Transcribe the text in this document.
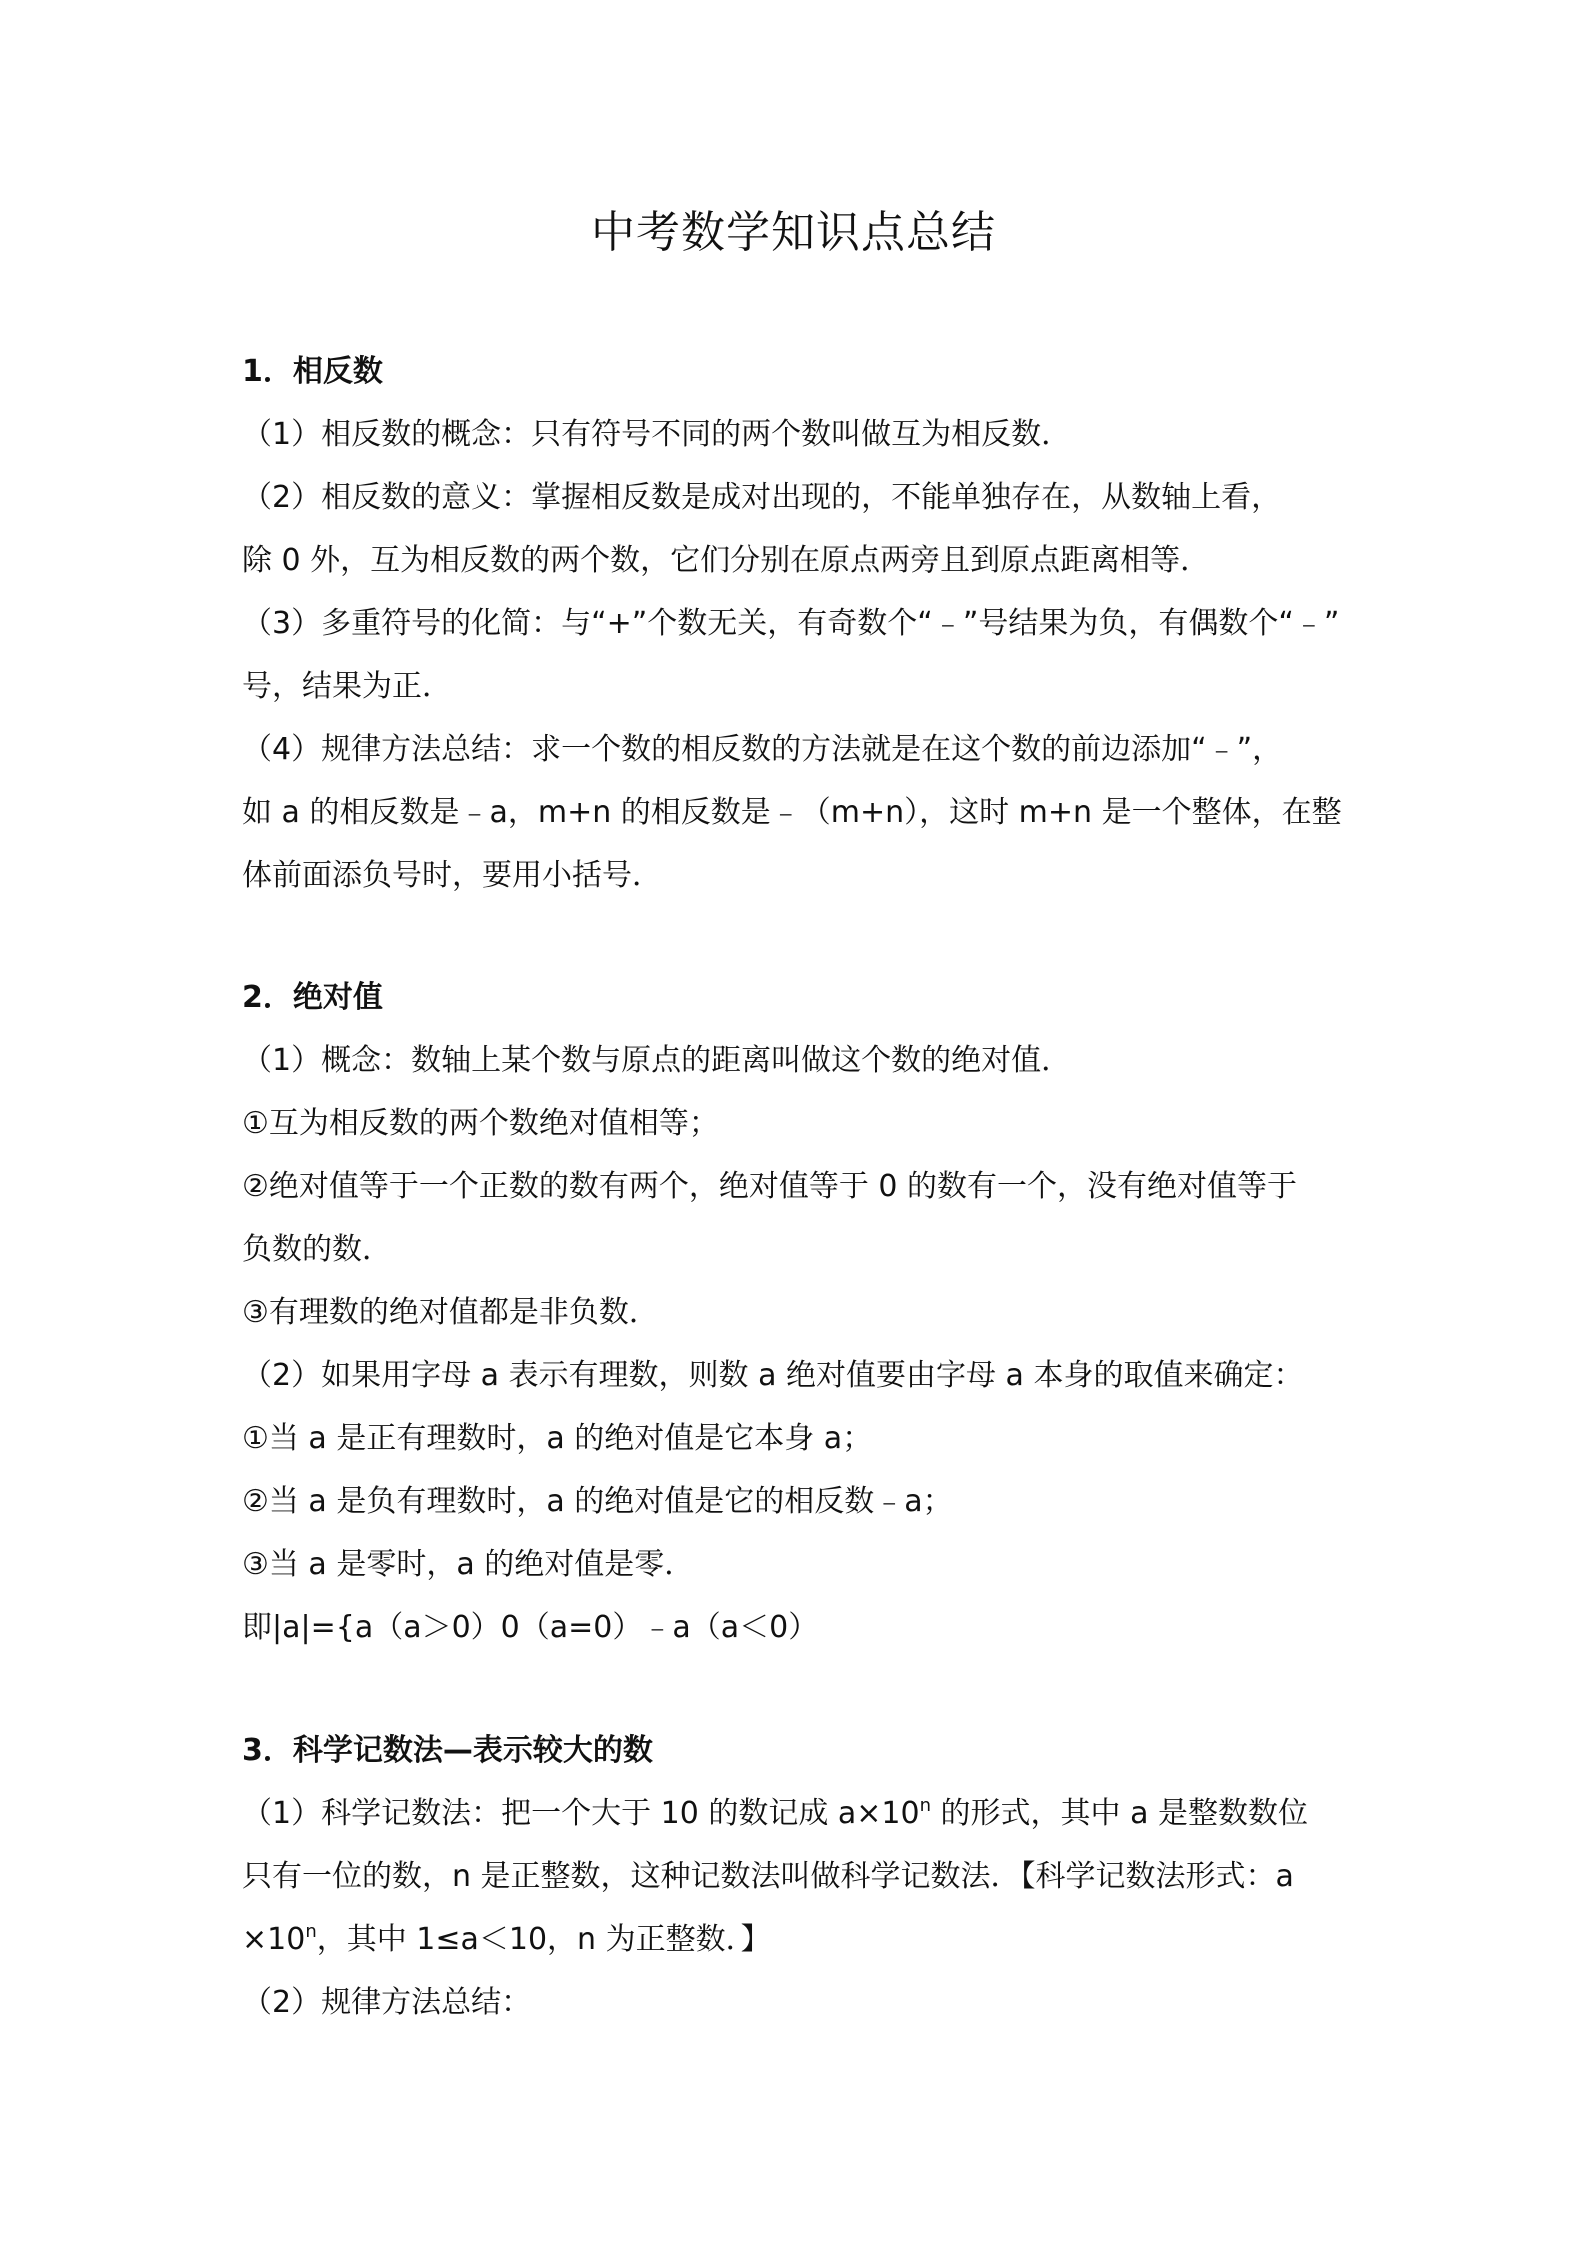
中考数学知识点总结
1．相反数
（1）相反数的概念：只有符号不同的两个数叫做互为相反数．
（2）相反数的意义：掌握相反数是成对出现的，不能单独存在，从数轴上看，
除 0 外，互为相反数的两个数，它们分别在原点两旁且到原点距离相等．
（3）多重符号的化简：与“+”个数无关，有奇数个“﹣”号结果为负，有偶数个“﹣”
号，结果为正．
（4）规律方法总结：求一个数的相反数的方法就是在这个数的前边添加“﹣”，
如 a 的相反数是﹣a，m+n 的相反数是﹣（m+n），这时 m+n 是一个整体，在整
体前面添负号时，要用小括号．
2．绝对值
（1）概念：数轴上某个数与原点的距离叫做这个数的绝对值．
①互为相反数的两个数绝对值相等；
②绝对值等于一个正数的数有两个，绝对值等于 0 的数有一个，没有绝对值等于
负数的数．
③有理数的绝对值都是非负数．
（2）如果用字母 a 表示有理数，则数 a 绝对值要由字母 a 本身的取值来确定：
①当 a 是正有理数时，a 的绝对值是它本身 a；
②当 a 是负有理数时，a 的绝对值是它的相反数﹣a；
③当 a 是零时，a 的绝对值是零．
即|a|={a（a＞0）0（a=0）﹣a（a＜0）
3．科学记数法—表示较大的数
（1）科学记数法：把一个大于 10 的数记成 $a\times 10^n$ 的形式，其中 a 是整数数位
只有一位的数，n 是正整数，这种记数法叫做科学记数法．【科学记数法形式：a
$\times 10^n$，其中 1≤a＜10，n 为正整数．】
（2）规律方法总结：
